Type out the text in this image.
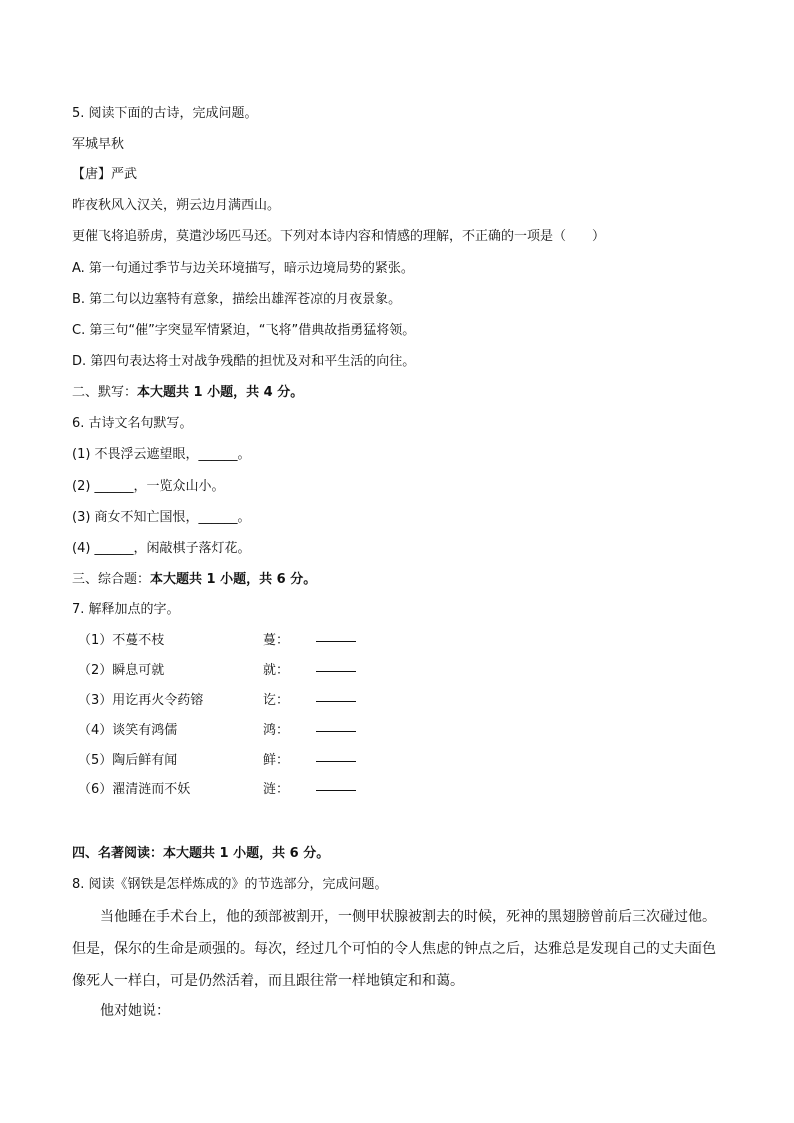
5. 阅读下面的古诗，完成问题。
军城早秋
【唐】严武
昨夜秋风入汉关，朔云边月满西山。
更催飞将追骄虏，莫遣沙场匹马还。下列对本诗内容和情感的理解，不正确的一项是（　　）
A. 第一句通过季节与边关环境描写，暗示边境局势的紧张。
B. 第二句以边塞特有意象，描绘出雄浑苍凉的月夜景象。
C. 第三句“催”字突显军情紧迫，“飞将”借典故指勇猛将领。
D. 第四句表达将士对战争残酷的担忧及对和平生活的向往。
二、默写：本大题共 1 小题，共 4 分。
6. 古诗文名句默写。
(1) 不畏浮云遮望眼，______。
(2) ______，一览众山小。
(3) 商女不知亡国恨，______。
(4) ______，闲敲棋子落灯花。
三、综合题：本大题共 1 小题，共 6 分。
7. 解释加点的字。
（1）不蔓不枝	蔓：
（2）瞬息可就	就：
（3）用讫再火令药镕	讫：
（4）谈笑有鸿儒	鸿：
（5）陶后鲜有闻	鲜：
（6）濯清涟而不妖	涟：
四、名著阅读：本大题共 1 小题，共 6 分。
8. 阅读《钢铁是怎样炼成的》的节选部分，完成问题。
当他睡在手术台上，他的颈部被割开，一侧甲状腺被割去的时候，死神的黑翅膀曾前后三次碰过他。但是，保尔的生命是顽强的。每次，经过几个可怕的令人焦虑的钟点之后，达雅总是发现自己的丈夫面色像死人一样白，可是仍然活着，而且跟往常一样地镇定和和蔼。
他对她说：
